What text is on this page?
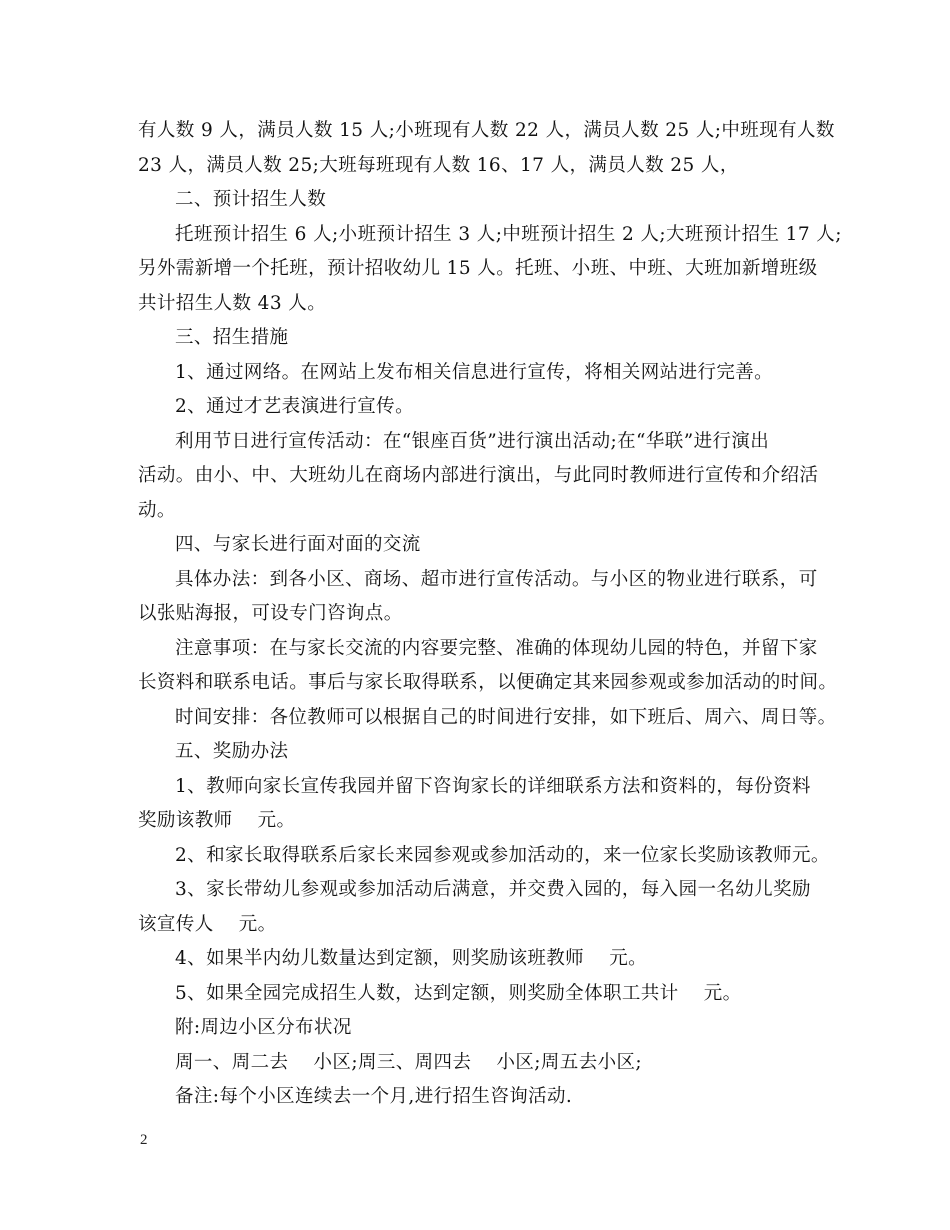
有人数 9 人，满员人数 15 人;小班现有人数 22 人，满员人数 25 人;中班现有人数
23 人，满员人数 25;大班每班现有人数 16、17 人，满员人数 25 人，
二、预计招生人数
托班预计招生 6 人;小班预计招生 3 人;中班预计招生 2 人;大班预计招生 17 人;
另外需新增一个托班，预计招收幼儿 15 人。托班、小班、中班、大班加新增班级
共计招生人数 43 人。
三、招生措施
1、通过网络。在网站上发布相关信息进行宣传，将相关网站进行完善。
2、通过才艺表演进行宣传。
利用节日进行宣传活动：在“银座百货”进行演出活动;在“华联”进行演出
活动。由小、中、大班幼儿在商场内部进行演出，与此同时教师进行宣传和介绍活
动。
四、与家长进行面对面的交流
具体办法：到各小区、商场、超市进行宣传活动。与小区的物业进行联系，可
以张贴海报，可设专门咨询点。
注意事项：在与家长交流的内容要完整、准确的体现幼儿园的特色，并留下家
长资料和联系电话。事后与家长取得联系，以便确定其来园参观或参加活动的时间。
时间安排：各位教师可以根据自己的时间进行安排，如下班后、周六、周日等。
五、奖励办法
1、教师向家长宣传我园并留下咨询家长的详细联系方法和资料的，每份资料
奖励该教师    元。
2、和家长取得联系后家长来园参观或参加活动的，来一位家长奖励该教师元。
3、家长带幼儿参观或参加活动后满意，并交费入园的，每入园一名幼儿奖励
该宣传人    元。
4、如果半内幼儿数量达到定额，则奖励该班教师    元。
5、如果全园完成招生人数，达到定额，则奖励全体职工共计    元。
附:周边小区分布状况
周一、周二去    小区;周三、周四去    小区;周五去小区;
备注:每个小区连续去一个月,进行招生咨询活动.
2
